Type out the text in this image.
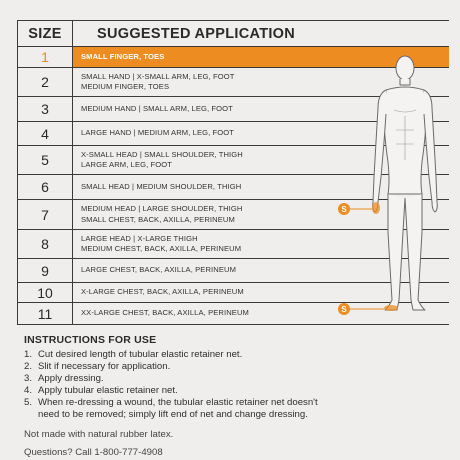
SIZE	SUGGESTED APPLICATION
1	SMALL FINGER, TOES

2	SMALL HAND | X-SMALL ARM, LEG, FOOT
MEDIUM FINGER, TOES

3	MEDIUM HAND | SMALL ARM, LEG, FOOT

4	LARGE HAND | MEDIUM ARM, LEG, FOOT

5	X-SMALL HEAD | SMALL SHOULDER, THIGH
LARGE ARM, LEG, FOOT

6	SMALL HEAD | MEDIUM SHOULDER, THIGH

7	MEDIUM HEAD | LARGE SHOULDER, THIGH
SMALL CHEST, BACK, AXILLA, PERINEUM

8	LARGE HEAD | X-LARGE THIGH
MEDIUM CHEST, BACK, AXILLA, PERINEUM

9	LARGE CHEST, BACK, AXILLA, PERINEUM

10	X-LARGE CHEST, BACK, AXILLA, PERINEUM

11	XX-LARGE CHEST, BACK, AXILLA, PERINEUM
S
S
INSTRUCTIONS FOR USE
1. Cut desired length of tubular elastic retainer net.
2. Slit if necessary for application.
3. Apply dressing.
4. Apply tubular elastic retainer net.
5. When re-dressing a wound, the tubular elastic retainer net doesn't
need to be removed; simply lift end of net and change dressing.
Not made with natural rubber latex.
Questions? Call 1-800-777-4908
